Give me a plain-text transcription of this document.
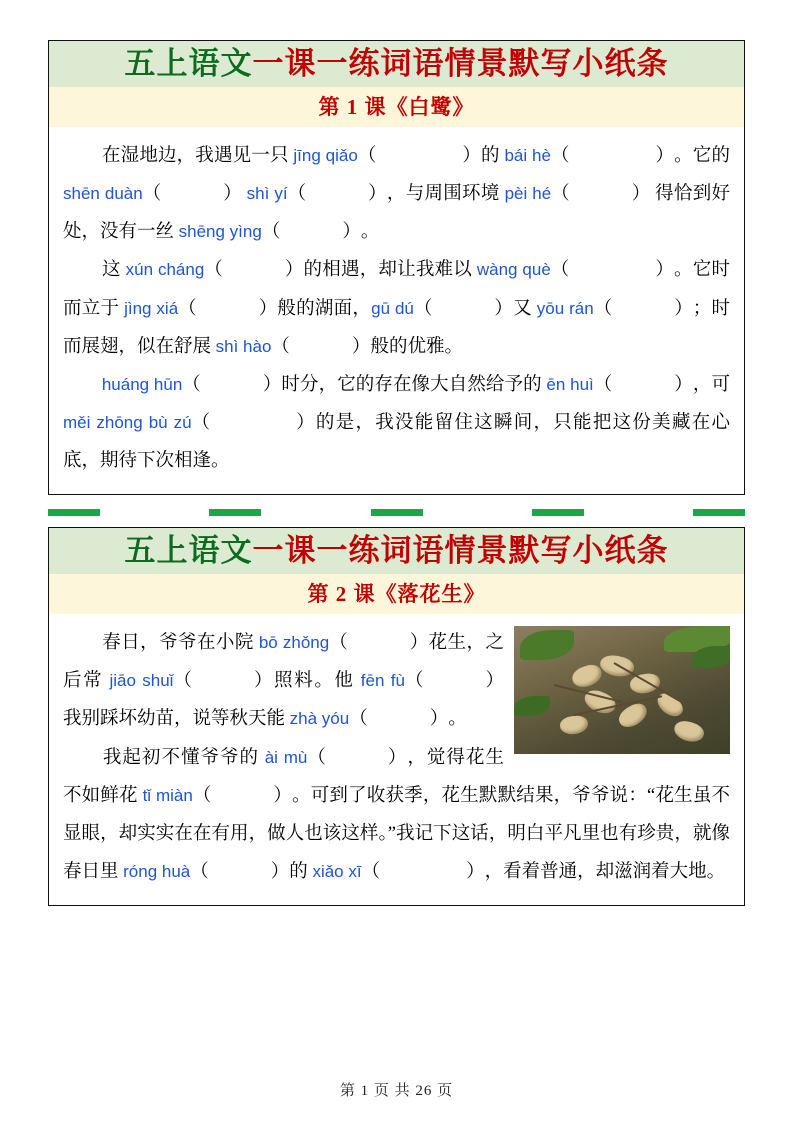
五上语文一课一练词语情景默写小纸条
第 1 课《白鹭》
在湿地边，我遇见一只 jīng qiǎo（	）的 bái hè（	）。它的 shēn duàn（	） shì yí（	），与周围环境 pèi hé（	） 得恰到好处，没有一丝 shēng yìng（	）。
这 xún cháng（	）的相遇，却让我难以 wàng què（	）。它时而立于 jìng xiá（	）般的湖面，gū dú（	）又 yōu rán（	）；时而展翅，似在舒展 shì hào（	）般的优雅。
huáng hūn（	）时分，它的存在像大自然给予的 ēn huì（	），可 měi zhōng bù zú（	）的是，我没能留住这瞬间，只能把这份美藏在心底，期待下次相逢。
五上语文一课一练词语情景默写小纸条
第 2 课《落花生》
春日，爷爷在小院 bō zhǒng（	）花生，之后常 jiāo shuǐ（	）照料。他 fēn fù（	）我别踩坏幼苗，说等秋天能 zhà yóu（	）。
我起初不懂爷爷的 ài mù（	），觉得花生不如鲜花 tǐ miàn（	）。可到了收获季，花生默默结果，爷爷说：“花生虽不显眼，却实实在在有用，做人也该这样。”我记下这话，明白平凡里也有珍贵，就像春日里 róng huà（	）的 xiǎo xī（	），看着普通，却滋润着大地。
第 1 页 共 26 页
